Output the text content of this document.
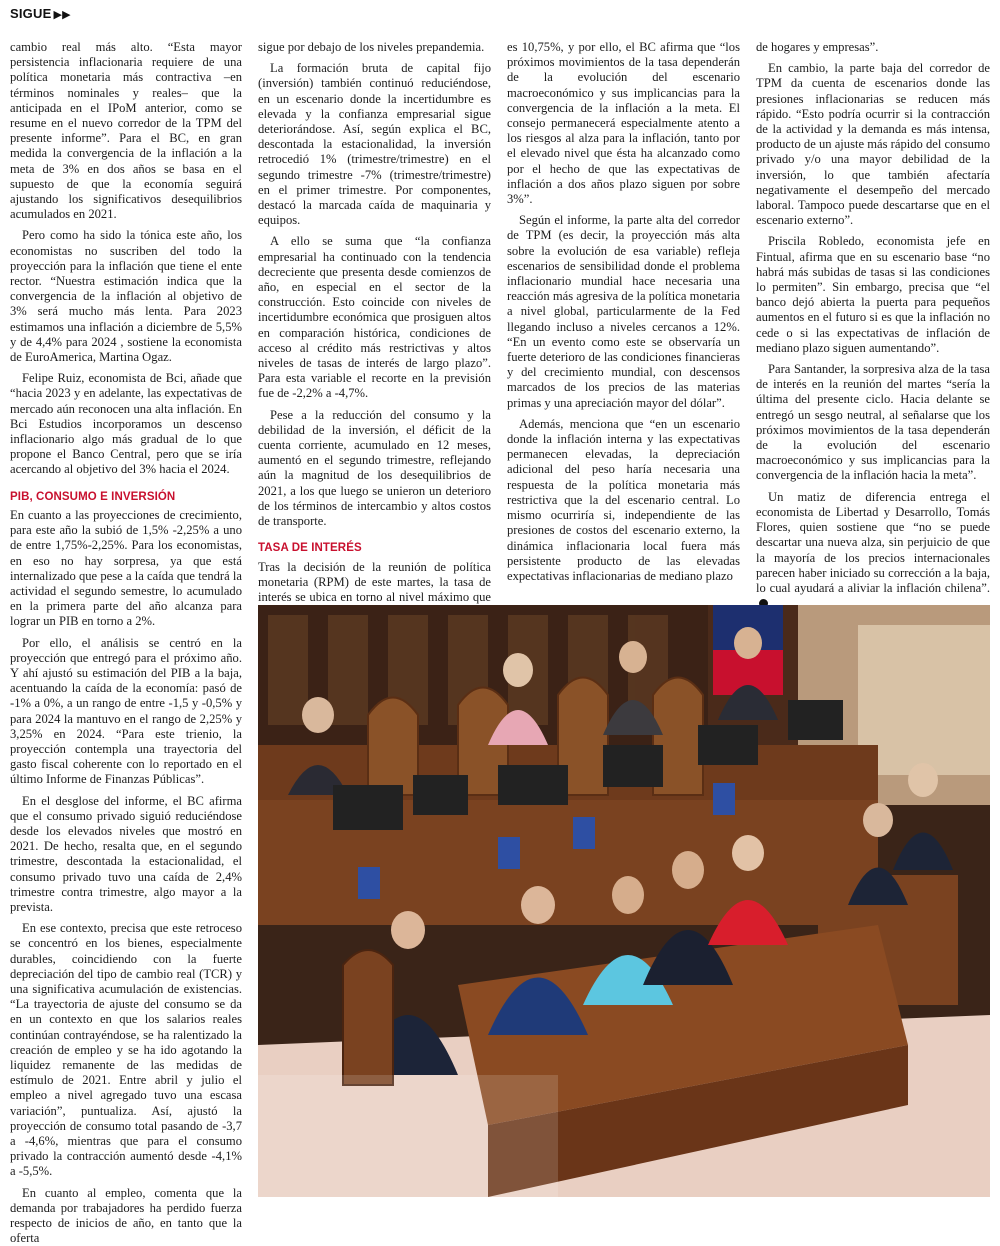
SIGUE ▶▶

cambio real más alto. “Esta mayor persistencia inflacionaria requiere de una política monetaria más contractiva –en términos nominales y reales– que la anticipada en el IPoM anterior, como se resume en el nuevo corredor de la TPM del presente informe”. Para el BC, en gran medida la convergencia de la inflación a la meta de 3% en dos años se basa en el supuesto de que la economía seguirá ajustando los significativos desequilibrios acumulados en 2021.

Pero como ha sido la tónica este año, los economistas no suscriben del todo la proyección para la inflación que tiene el ente rector. “Nuestra estimación indica que la convergencia de la inflación al objetivo de 3% será mucho más lenta. Para 2023 estimamos una inflación a diciembre de 5,5% y de 4,4% para 2024 , sostiene la economista de EuroAmerica, Martina Ogaz.

Felipe Ruiz, economista de Bci, añade que “hacia 2023 y en adelante, las expectativas de mercado aún reconocen una alta inflación. En Bci Estudios incorporamos un descenso inflacionario algo más gradual de lo que propone el Banco Central, pero que se iría acercando al objetivo del 3% hacia el 2024.

PIB, CONSUMO E INVERSIÓN

En cuanto a las proyecciones de crecimiento, para este año la subió de 1,5% -2,25% a uno de entre 1,75%-2,25%. Para los economistas, en eso no hay sorpresa, ya que está internalizado que pese a la caída que tendrá la actividad el segundo semestre, lo acumulado en la primera parte del año alcanza para lograr un PIB en torno a 2%.

Por ello, el análisis se centró en la proyección que entregó para el próximo año. Y ahí ajustó su estimación del PIB a la baja, acentuando la caída de la economía: pasó de -1% a 0%, a un rango de entre -1,5 y -0,5% y para 2024 la mantuvo en el rango de 2,25% y 3,25% en 2024. “Para este trienio, la proyección contempla una trayectoria del gasto fiscal coherente con lo reportado en el último Informe de Finanzas Públicas”.

En el desglose del informe, el BC afirma que el consumo privado siguió reduciéndose desde los elevados niveles que mostró en 2021. De hecho, resalta que, en el segundo trimestre, descontada la estacionalidad, el consumo privado tuvo una caída de 2,4% trimestre contra trimestre, algo mayor a la prevista.

En ese contexto, precisa que este retroceso se concentró en los bienes, especialmente durables, coincidiendo con la fuerte depreciación del tipo de cambio real (TCR) y una significativa acumulación de existencias. “La trayectoria de ajuste del consumo se da en un contexto en que los salarios reales continúan contrayéndose, se ha ralentizado la creación de empleo y se ha ido agotando la liquidez remanente de las medidas de estímulo de 2021. Entre abril y julio el empleo a nivel agregado tuvo una escasa variación”, puntualiza. Así, ajustó la proyección de consumo total pasando de -3,7 a -4,6%, mientras que para el consumo privado la contracción aumentó desde -4,1% a -5,5%.

En cuanto al empleo, comenta que la demanda por trabajadores ha perdido fuerza respecto de inicios de año, en tanto que la oferta

sigue por debajo de los niveles prepandemia.

La formación bruta de capital fijo (inversión) también continuó reduciéndose, en un escenario donde la incertidumbre es elevada y la confianza empresarial sigue deteriorándose. Así, según explica el BC, descontada la estacionalidad, la inversión retrocedió 1% (trimestre/trimestre) en el segundo trimestre -7% (trimestre/trimestre) en el primer trimestre. Por componentes, destacó la marcada caída de maquinaria y equipos.

A ello se suma que “la confianza empresarial ha continuado con la tendencia decreciente que presenta desde comienzos de año, en especial en el sector de la construcción. Esto coincide con niveles de incertidumbre económica que prosiguen altos en comparación histórica, condiciones de acceso al crédito más restrictivas y altos niveles de tasas de interés de largo plazo”. Para esta variable el recorte en la previsión fue de -2,2% a -4,7%.

Pese a la reducción del consumo y la debilidad de la inversión, el déficit de la cuenta corriente, acumulado en 12 meses, aumentó en el segundo trimestre, reflejando aún la magnitud de los desequilibrios de 2021, a los que luego se unieron un deterioro de los términos de intercambio y altos costos de transporte.

TASA DE INTERÉS

Tras la decisión de la reunión de política monetaria (RPM) de este martes, la tasa de interés se ubica en torno al nivel máximo que

es 10,75%, y por ello, el BC afirma que “los próximos movimientos de la tasa dependerán de la evolución del escenario macroeconómico y sus implicancias para la convergencia de la inflación a la meta. El consejo permanecerá especialmente atento a los riesgos al alza para la inflación, tanto por el elevado nivel que ésta ha alcanzado como por el hecho de que las expectativas de inflación a dos años plazo siguen por sobre 3%”.

Según el informe, la parte alta del corredor de TPM (es decir, la proyección más alta sobre la evolución de esa variable) refleja escenarios de sensibilidad donde el problema inflacionario mundial hace necesaria una reacción más agresiva de la política monetaria a nivel global, particularmente de la Fed llegando incluso a niveles cercanos a 12%. “En un evento como este se observaría un fuerte deterioro de las condiciones financieras y del crecimiento mundial, con descensos marcados de los precios de las materias primas y una apreciación mayor del dólar”.

Además, menciona que “en un escenario donde la inflación interna y las expectativas permanecen elevadas, la depreciación adicional del peso haría necesaria una respuesta de la política monetaria más restrictiva que la del escenario central. Lo mismo ocurriría si, independiente de las presiones de costos del escenario externo, la dinámica inflacionaria local fuera más persistente producto de las elevadas expectativas inflacionarias de mediano plazo

de hogares y empresas”.

En cambio, la parte baja del corredor de TPM da cuenta de escenarios donde las presiones inflacionarias se reducen más rápido. “Esto podría ocurrir si la contracción de la actividad y la demanda es más intensa, producto de un ajuste más rápido del consumo privado y/o una mayor debilidad de la inversión, lo que también afectaría negativamente el desempeño del mercado laboral. Tampoco puede descartarse que en el escenario externo”.

Priscila Robledo, economista jefe en Fintual, afirma que en su escenario base “no habrá más subidas de tasas si las condiciones lo permiten”. Sin embargo, precisa que “el banco dejó abierta la puerta para pequeños aumentos en el futuro si es que la inflación no cede o si las expectativas de inflación de mediano plazo siguen aumentando”.

Para Santander, la sorpresiva alza de la tasa de interés en la reunión del martes “sería la última del presente ciclo. Hacia delante se entregó un sesgo neutral, al señalarse que los próximos movimientos de la tasa dependerán de la evolución del escenario macroeconómico y sus implicancias para la convergencia de la inflación hacia la meta”.

Un matiz de diferencia entrega el economista de Libertad y Desarrollo, Tomás Flores, quien sostiene que “no se puede descartar una nueva alza, sin perjuicio de que la mayoría de los precios internacionales parecen haber iniciado su corrección a la baja, lo cual ayudará a aliviar la inflación chilena”.
